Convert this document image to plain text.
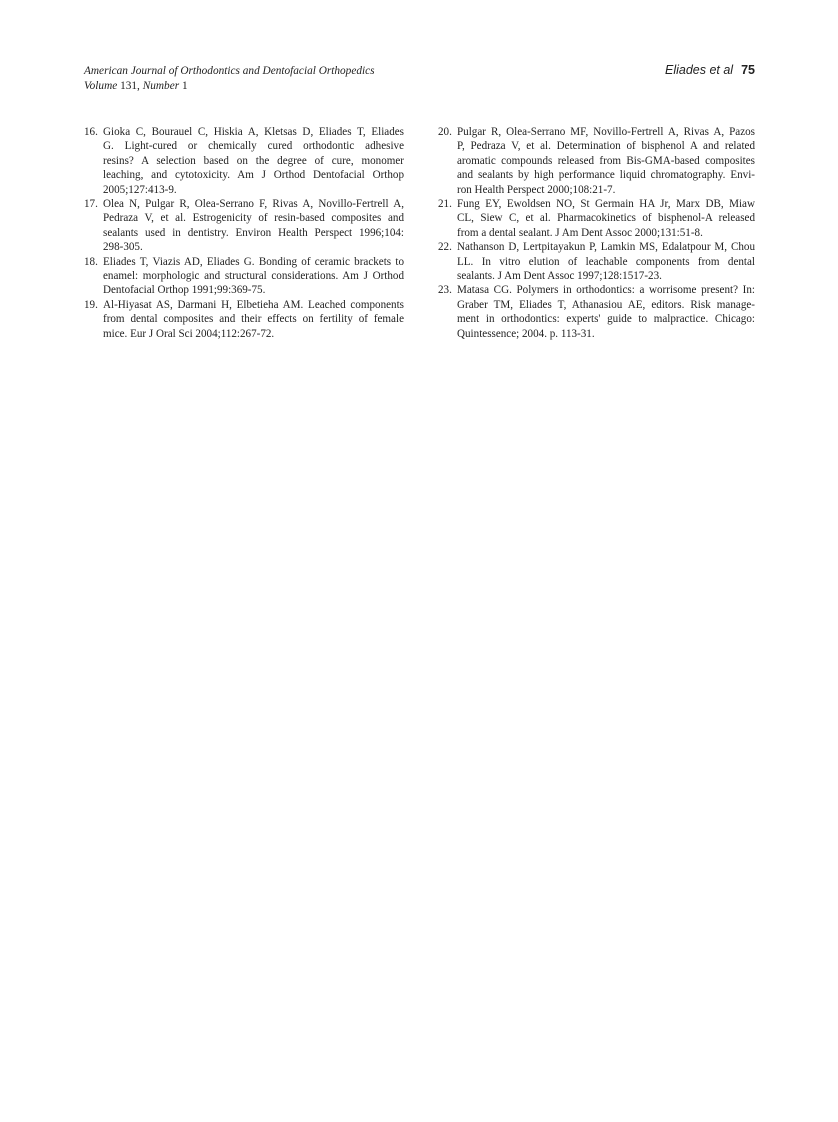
American Journal of Orthodontics and Dentofacial Orthopedics
Volume 131, Number 1
Eliades et al 75
16. Gioka C, Bourauel C, Hiskia A, Kletsas D, Eliades T, Eliades
G. Light-cured or chemically cured orthodontic adhesive
resins? A selection based on the degree of cure, monomer
leaching, and cytotoxicity. Am J Orthod Dentofacial Orthop
2005;127:413-9.
17. Olea N, Pulgar R, Olea-Serrano F, Rivas A, Novillo-Fertrell A,
Pedraza V, et al. Estrogenicity of resin-based composites and
sealants used in dentistry. Environ Health Perspect 1996;104:
298-305.
18. Eliades T, Viazis AD, Eliades G. Bonding of ceramic brackets to
enamel: morphologic and structural considerations. Am J Orthod
Dentofacial Orthop 1991;99:369-75.
19. Al-Hiyasat AS, Darmani H, Elbetieha AM. Leached components
from dental composites and their effects on fertility of female
mice. Eur J Oral Sci 2004;112:267-72.
20. Pulgar R, Olea-Serrano MF, Novillo-Fertrell A, Rivas A, Pazos
P, Pedraza V, et al. Determination of bisphenol A and related
aromatic compounds released from Bis-GMA-based composites
and sealants by high performance liquid chromatography. Envi-
ron Health Perspect 2000;108:21-7.
21. Fung EY, Ewoldsen NO, St Germain HA Jr, Marx DB, Miaw
CL, Siew C, et al. Pharmacokinetics of bisphenol-A released
from a dental sealant. J Am Dent Assoc 2000;131:51-8.
22. Nathanson D, Lertpitayakun P, Lamkin MS, Edalatpour M, Chou
LL. In vitro elution of leachable components from dental
sealants. J Am Dent Assoc 1997;128:1517-23.
23. Matasa CG. Polymers in orthodontics: a worrisome present? In:
Graber TM, Eliades T, Athanasiou AE, editors. Risk manage-
ment in orthodontics: experts' guide to malpractice. Chicago:
Quintessence; 2004. p. 113-31.
